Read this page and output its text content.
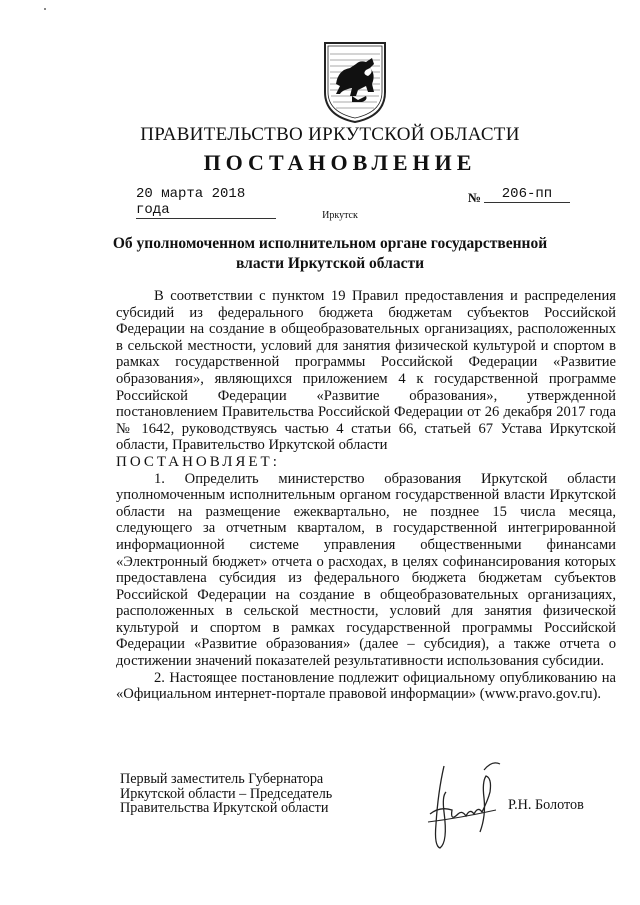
ПРАВИТЕЛЬСТВО ИРКУТСКОЙ ОБЛАСТИ
ПОСТАНОВЛЕНИЕ
20 марта 2018 года
№	206-пп
Иркутск
Об уполномоченном исполнительном органе государственной власти Иркутской области

В соответствии с пунктом 19 Правил предоставления и распределения субсидий из федерального бюджета бюджетам субъектов Российской Федерации на создание в общеобразовательных организациях, расположенных в сельской местности, условий для занятия физической культурой и спортом в рамках государственной программы Российской Федерации «Развитие образования», являющихся приложением 4 к государственной программе Российской Федерации «Развитие образования», утвержденной постановлением Правительства Российской Федерации от 26 декабря 2017 года № 1642, руководствуясь частью 4 статьи 66, статьей 67 Устава Иркутской области, Правительство Иркутской области

ПОСТАНОВЛЯЕТ:

1. Определить министерство образования Иркутской области уполномоченным исполнительным органом государственной власти Иркутской области на размещение ежеквартально, не позднее 15 числа месяца, следующего за отчетным кварталом, в государственной интегрированной информационной системе управления общественными финансами «Электронный бюджет» отчета о расходах, в целях софинансирования которых предоставлена субсидия из федерального бюджета бюджетам субъектов Российской Федерации на создание в общеобразовательных организациях, расположенных в сельской местности, условий для занятия физической культурой и спортом в рамках государственной программы Российской Федерации «Развитие образования» (далее – субсидия), а также отчета о достижении значений показателей результативности использования субсидии.

2. Настоящее постановление подлежит официальному опубликованию на «Официальном интернет-портале правовой информации» (www.pravo.gov.ru).

Первый заместитель Губернатора
Иркутской области – Председатель
Правительства Иркутской области	Р.Н. Болотов
